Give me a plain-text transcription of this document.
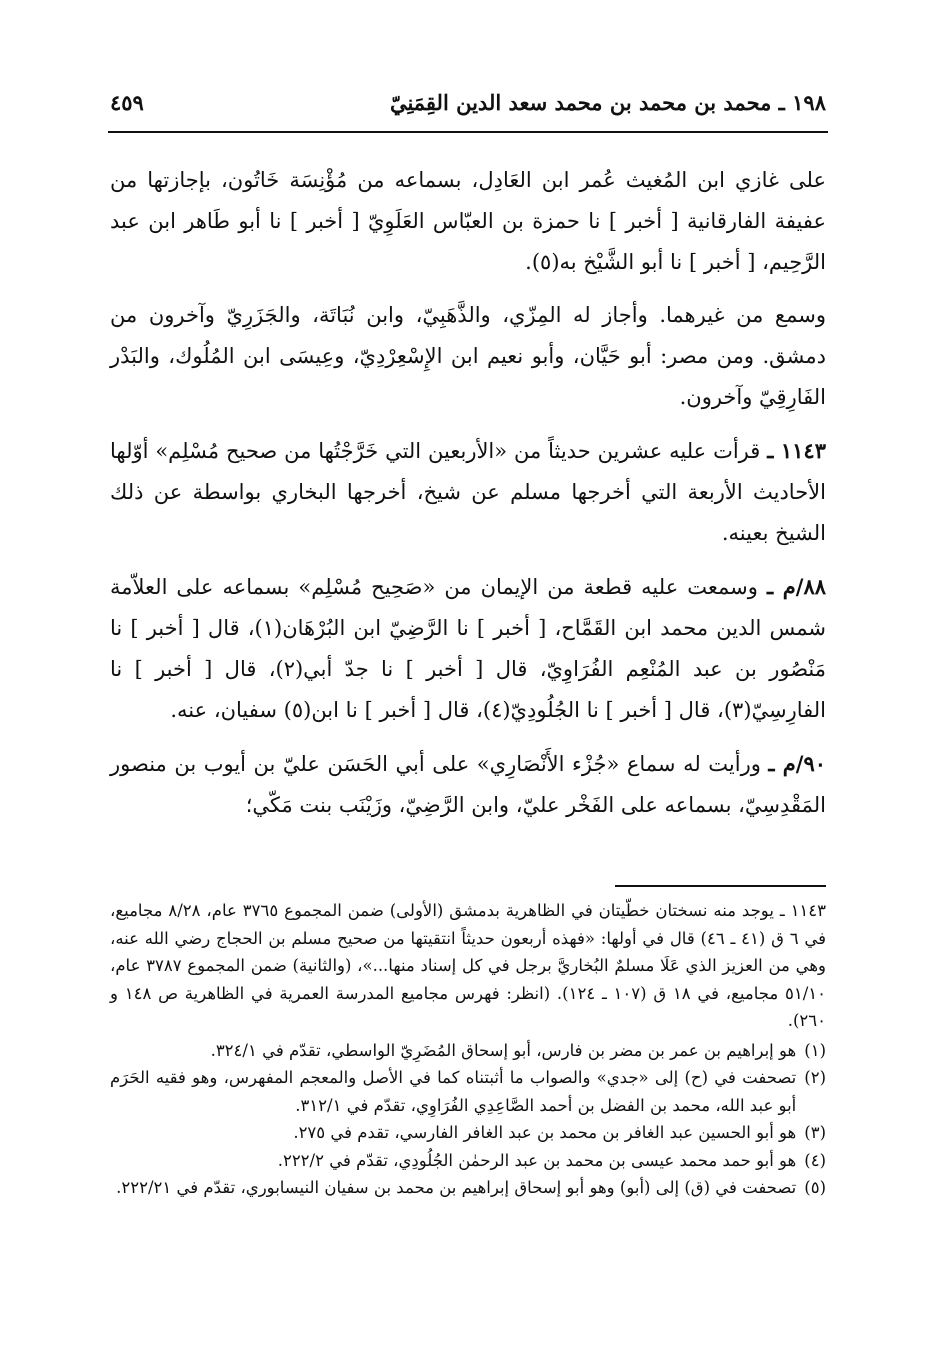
١٩٨ ـ محمد بن محمد بن محمد سعد الدين القِمَنِيّ
٤٥٩

على غازي ابن المُغيث عُمر ابن العَادِل، بسماعه من مُؤْنِسَة خَاتُون، بإجازتها من عفيفة الفارقانية [ أخبر ] نا حمزة بن العبّاس العَلَوِيّ [ أخبر ] نا أبو طَاهر ابن عبد الرَّحِيم، [ أخبر ] نا أبو الشَّيْخ به(٥).

وسمع من غيرهما. وأجاز له المِزّي، والذَّهَبِيّ، وابن نُبَاتَة، والجَزَرِيّ وآخرون من دمشق. ومن مصر: أبو حَيَّان، وأبو نعيم ابن الإِسْعِرْدِيّ، وعِيسَى ابن المُلُوك، والبَدْر الفَارِقِيّ وآخرون.

١١٤٣ ـ قرأت عليه عشرين حديثاً من «الأربعين التي خَرَّجْتُها من صحيح مُسْلِم» أوّلها الأحاديث الأربعة التي أخرجها مسلم عن شيخ، أخرجها البخاري بواسطة عن ذلك الشيخ بعينه.

٨٨/م ـ وسمعت عليه قطعة من الإيمان من «صَحِيح مُسْلِم» بسماعه على العلاّمة شمس الدين محمد ابن القَمَّاح، [ أخبر ] نا الرَّضِيّ ابن البُرْهَان(١)، قال [ أخبر ] نا مَنْصُور بن عبد المُنْعِم الفُرَاوِيّ، قال [ أخبر ] نا جدّ أبي(٢)، قال [ أخبر ] نا الفارِسِيّ(٣)، قال [ أخبر ] نا الجُلُودِيّ(٤)، قال [ أخبر ] نا ابن(٥) سفيان، عنه.

٩٠/م ـ ورأيت له سماع «جُزْء الأَنْصَارِي» على أبي الحَسَن عليّ بن أيوب بن منصور المَقْدِسِيّ، بسماعه على الفَخْر عليّ، وابن الرَّضِيّ، وزَيْنَب بنت مَكّي؛

١١٤٣ ـ يوجد منه نسختان خطّيتان في الظاهرية بدمشق (الأولى) ضمن المجموع ٣٧٦٥ عام، ٨/٢٨ مجاميع، في ٦ ق (٤١ ـ ٤٦) قال في أولها: «فهذه أربعون حديثاً انتقيتها من صحيح مسلم بن الحجاج رضي الله عنه، وهي من العزيز الذي عَلَا مسلمٌ البُخاريَّ برجل في كل إسناد منها...»، (والثانية) ضمن المجموع ٣٧٨٧ عام، ٥١/١٠ مجاميع، في ١٨ ق (١٠٧ ـ ١٢٤). (انظر: فهرس مجاميع المدرسة العمرية في الظاهرية ص ١٤٨ و ٢٦٠).

(١)
هو إبراهيم بن عمر بن مضر بن فارس، أبو إسحاق المُضَرِيّ الواسطي، تقدّم في ٣٢٤/١.

(٢)
تصحفت في (ح) إلى «جدي» والصواب ما أثبتناه كما في الأصل والمعجم المفهرس، وهو فقيه الحَرَم أبو عبد الله، محمد بن الفضل بن أحمد الصَّاعِدِي الفُرَاوِي، تقدّم في ٣١٢/١.

(٣)
هو أبو الحسين عبد الغافر بن محمد بن عبد الغافر الفارسي، تقدم في ٢٧٥.

(٤)
هو أبو حمد محمد عيسى بن محمد بن عبد الرحمٰن الجُلُودِي، تقدّم في ٢٢٢/٢.

(٥)
تصحفت في (ق) إلى (أبو) وهو أبو إسحاق إبراهيم بن محمد بن سفيان النيسابوري، تقدّم في ٢٢٢/٢١.
